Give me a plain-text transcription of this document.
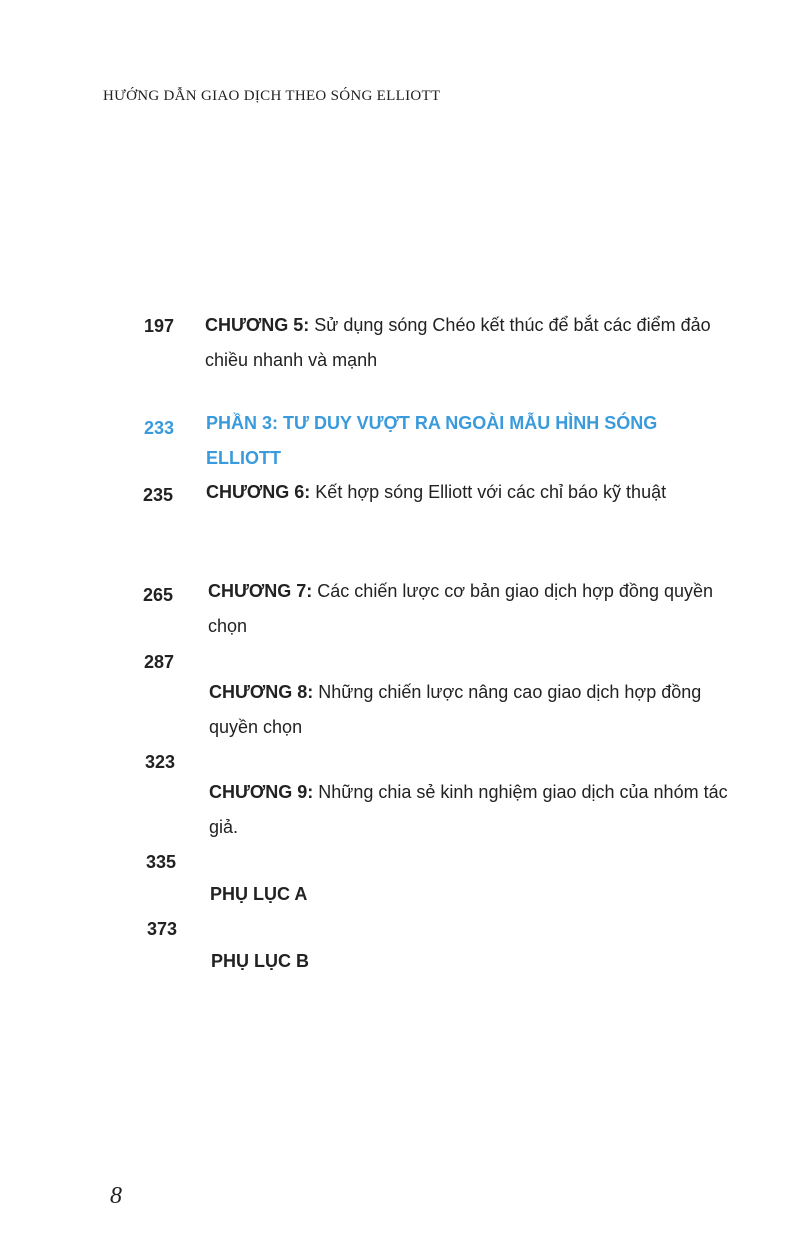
HƯỚNG DẪN GIAO DỊCH THEO SÓNG ELLIOTT
197 CHƯƠNG 5: Sử dụng sóng Chéo kết thúc để bắt các điểm đảo chiều nhanh và mạnh
233 PHẦN 3: TƯ DUY VƯỢT RA NGOÀI MẪU HÌNH SÓNG ELLIOTT
235 CHƯƠNG 6: Kết hợp sóng Elliott với các chỉ báo kỹ thuật
265 CHƯƠNG 7: Các chiến lược cơ bản giao dịch hợp đồng quyền chọn
287
CHƯƠNG 8: Những chiến lược nâng cao giao dịch hợp đồng quyền chọn
323
CHƯƠNG 9: Những chia sẻ kinh nghiệm giao dịch của nhóm tác giả.
335
PHỤ LỤC A
373
PHỤ LỤC B
8
